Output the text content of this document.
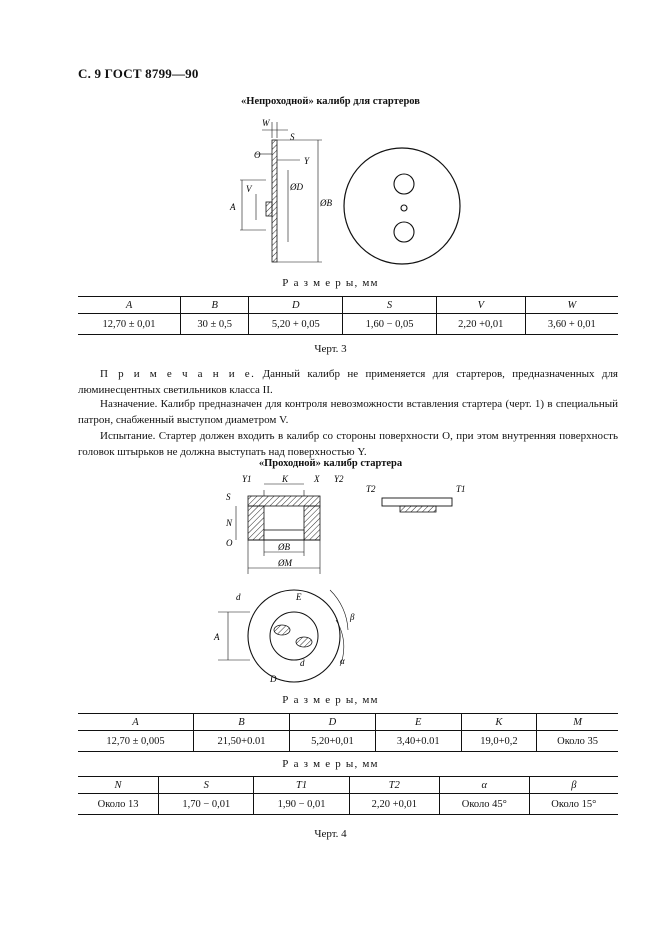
С. 9 ГОСТ 8799—90
«Непроходной» калибр для стартеров
W
S
O
Y
ØD
ØB
V
A
Р а з м е р ы, мм
A	B	D	S	V	W
12,70 ± 0,01	30 ± 0,5	5,20 + 0,05	1,60 − 0,05	2,20 +0,01	3,60 + 0,01
Черт. 3

П р и м е ч а н и е. Данный калибр не применяется для стартеров, предназначенных для люминесцентных светильников класса II.

Назначение. Калибр предназначен для контроля невозможности вставления стартера (черт. 1) в специальный патрон, снабженный выступом диаметром V.

Испытание. Стартер должен входить в калибр со стороны поверхности O, при этом внутренняя поверхность головок штырьков не должна выступать над поверхностью Y.

«Проходной» калибр стартера
Y1	K	X Y2
S
N
O	ØB
ØM
T2	T1
d
A
E
D
d
β
α
Р а з м е р ы, мм
A	B	D	E	K	M
12,70 ± 0,005	21,50+0.01	5,20+0,01	3,40+0.01	19,0+0,2	Около 35
Р а з м е р ы, мм
N	S	T1	T2	α	β
Около 13	1,70 − 0,01	1,90 − 0,01	2,20 +0,01	Около 45°	Около 15°
Черт. 4
